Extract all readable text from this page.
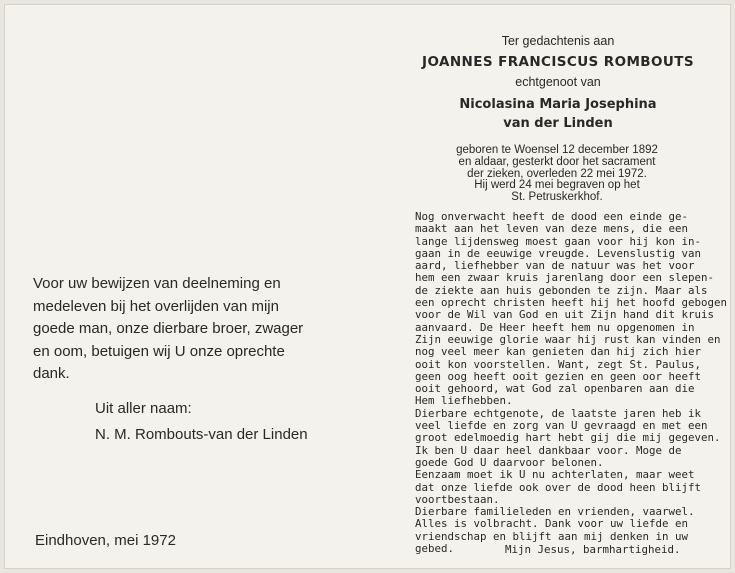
Voor uw bewijzen van deelneming en
medeleven bij het overlijden van mijn
goede man, onze dierbare broer, zwager
en oom, betuigen wij U onze oprechte
dank.
Uit aller naam:
N. M. Rombouts-van der Linden
Eindhoven, mei 1972

Ter gedachtenis aan

JOANNES FRANCISCUS ROMBOUTS

echtgenoot van

Nicolasina Maria Josephina

van der Linden

geboren te Woensel 12 december 1892
en aldaar, gesterkt door het sacrament
der zieken, overleden 22 mei 1972.
Hij werd 24 mei begraven op het
St. Petruskerkhof.
Nog onverwacht heeft de dood een einde ge-
maakt aan het leven van deze mens, die een
lange lijdensweg moest gaan voor hij kon in-
gaan in de eeuwige vreugde. Levenslustig van
aard, liefhebber van de natuur was het voor
hem een zwaar kruis jarenlang door een slepen-
de ziekte aan huis gebonden te zijn. Maar als
een oprecht christen heeft hij het hoofd gebogen
voor de Wil van God en uit Zijn hand dit kruis
aanvaard. De Heer heeft hem nu opgenomen in
Zijn eeuwige glorie waar hij rust kan vinden en
nog veel meer kan genieten dan hij zich hier
ooit kon voorstellen. Want, zegt St. Paulus,
geen oog heeft ooit gezien en geen oor heeft
ooit gehoord, wat God zal openbaren aan die
Hem liefhebben.
Dierbare echtgenote, de laatste jaren heb ik
veel liefde en zorg van U gevraagd en met een
groot edelmoedig hart hebt gij die mij gegeven.
Ik ben U daar heel dankbaar voor. Moge de
goede God U daarvoor belonen.
Eenzaam moet ik U nu achterlaten, maar weet
dat onze liefde ook over de dood heen blijft
voortbestaan.
Dierbare familieleden en vrienden, vaarwel.
Alles is volbracht. Dank voor uw liefde en
vriendschap en blijft aan mij denken in uw
gebed.	Mijn Jesus, barmhartigheid.
